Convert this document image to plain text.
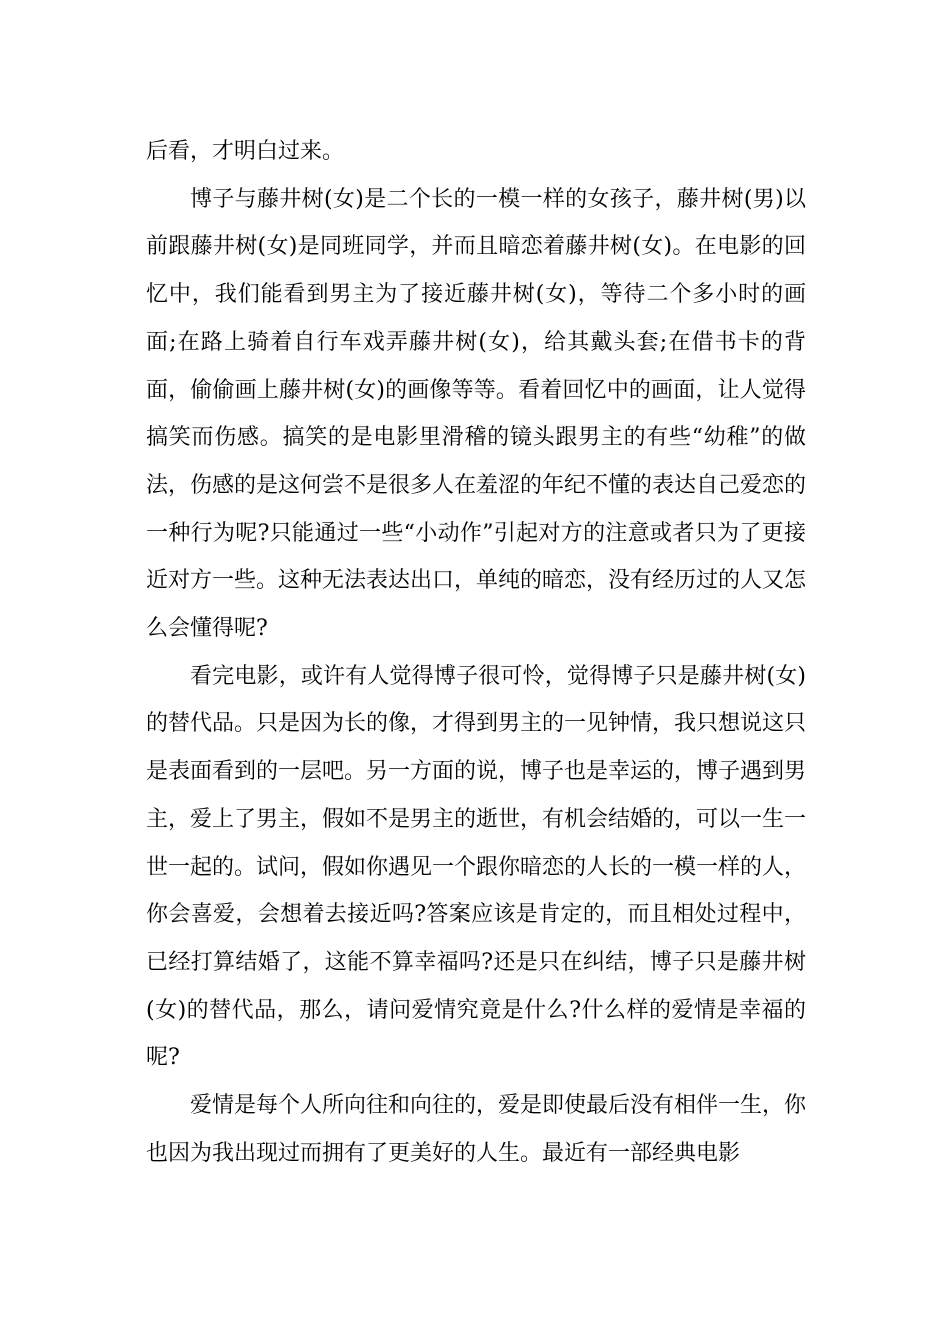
后看，才明白过来。

博子与藤井树(女)是二个长的一模一样的女孩子，藤井树(男)以前跟藤井树(女)是同班同学，并而且暗恋着藤井树(女)。在电影的回忆中，我们能看到男主为了接近藤井树(女)，等待二个多小时的画面;在路上骑着自行车戏弄藤井树(女)，给其戴头套;在借书卡的背面，偷偷画上藤井树(女)的画像等等。看着回忆中的画面，让人觉得搞笑而伤感。搞笑的是电影里滑稽的镜头跟男主的有些“幼稚”的做法，伤感的是这何尝不是很多人在羞涩的年纪不懂的表达自己爱恋的一种行为呢?只能通过一些“小动作”引起对方的注意或者只为了更接近对方一些。这种无法表达出口，单纯的暗恋，没有经历过的人又怎么会懂得呢?

看完电影，或许有人觉得博子很可怜，觉得博子只是藤井树(女)的替代品。只是因为长的像，才得到男主的一见钟情，我只想说这只是表面看到的一层吧。另一方面的说，博子也是幸运的，博子遇到男主，爱上了男主，假如不是男主的逝世，有机会结婚的，可以一生一世一起的。试问，假如你遇见一个跟你暗恋的人长的一模一样的人，你会喜爱，会想着去接近吗?答案应该是肯定的，而且相处过程中，已经打算结婚了，这能不算幸福吗?还是只在纠结，博子只是藤井树(女)的替代品，那么，请问爱情究竟是什么?什么样的爱情是幸福的呢?

爱情是每个人所向往和向往的，爱是即使最后没有相伴一生，你也因为我出现过而拥有了更美好的人生。最近有一部经典电影
